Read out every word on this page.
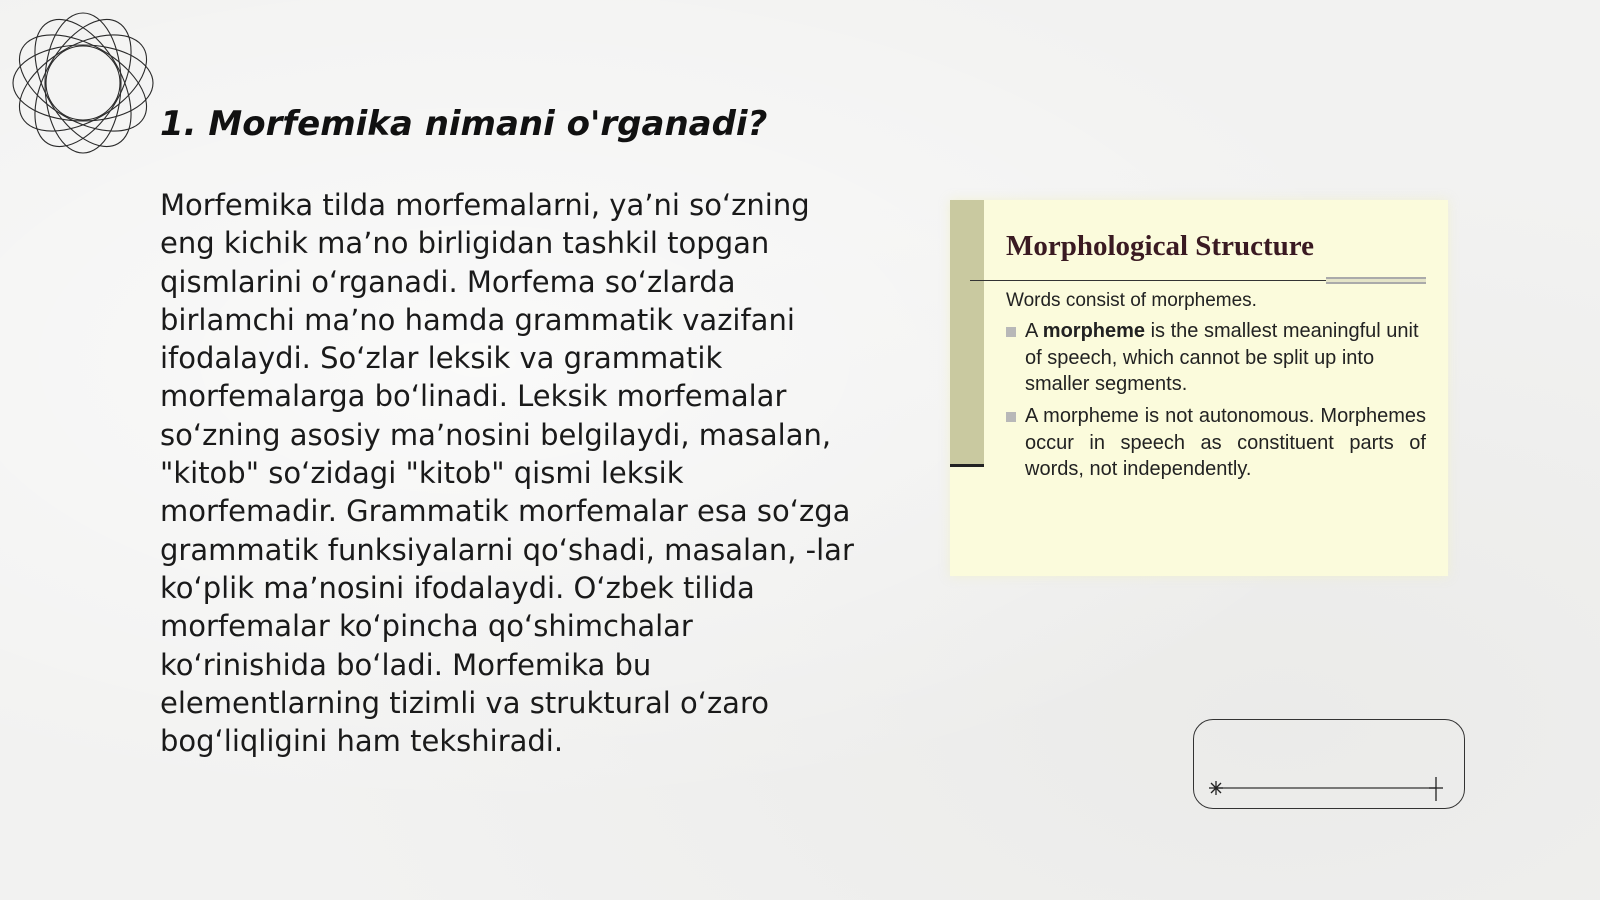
1. Morfemika nimani o'rganadi?

Morfemika tilda morfemalarni, ya’ni so‘zning eng kichik ma’no birligidan tashkil topgan qismlarini o‘rganadi. Morfema so‘zlarda birlamchi ma’no hamda grammatik vazifani ifodalaydi. So‘zlar leksik va grammatik morfemalarga bo‘linadi. Leksik morfemalar so‘zning asosiy ma’nosini belgilaydi, masalan, "kitob" so‘zidagi "kitob" qismi leksik morfemadir. Grammatik morfemalar esa so‘zga grammatik funksiyalarni qo‘shadi, masalan, -lar ko‘plik ma’nosini ifodalaydi. O‘zbek tilida morfemalar ko‘pincha qo‘shimchalar ko‘rinishida bo‘ladi. Morfemika bu elementlarning tizimli va struktural o‘zaro bog‘liqligini ham tekshiradi.

Morphological Structure
Words consist of morphemes.
A morpheme is the smallest meaningful unit of speech, which cannot be split up into smaller segments.
A morpheme is not autonomous. Morphemes occur in speech as constituent parts of words, not independently.
